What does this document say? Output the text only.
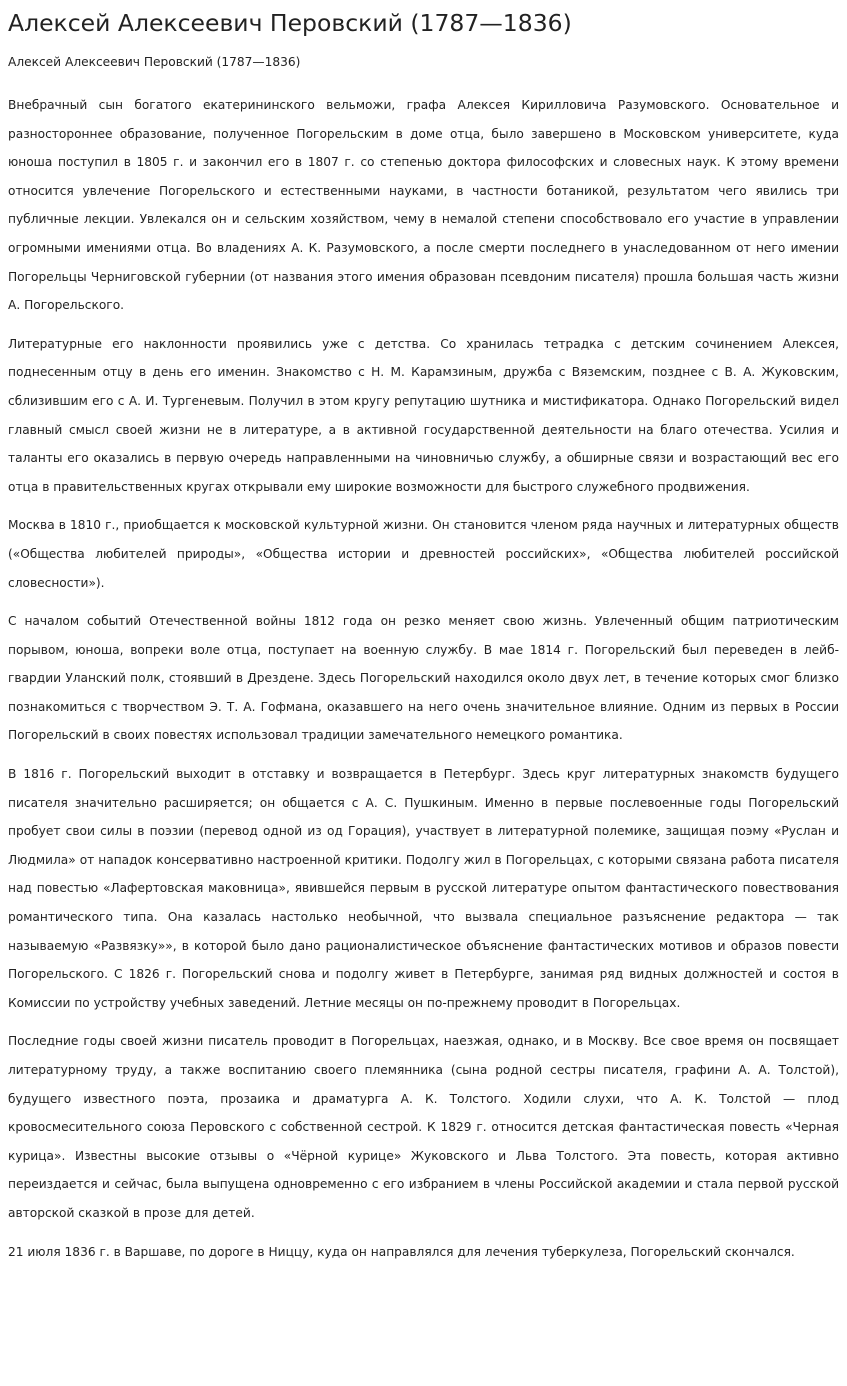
Алексей Алексеевич Перовский (1787—1836)
Алексей Алексеевич Перовский (1787—1836)

Внебрачный сын богатого екатерининского вельможи, графа Алексея Кирилловича Разумовского. Основательное и разностороннее образование, полученное Погорельским в доме отца, было завершено в Московском университете, куда юноша поступил в 1805 г. и закончил его в 1807 г. со степенью доктора философских и словесных наук. К этому времени относится увлечение Погорельского и естественными науками, в частности ботаникой, результатом чего явились три публичные лекции. Увлекался он и сельским хозяйством, чему в немалой степени способствовало его участие в управлении огромными имениями отца. Во владениях А. К. Разумовского, а после смерти последнего в унаследованном от него имении Погорельцы Черниговской губернии (от названия этого имения образован псевдоним писателя) прошла большая часть жизни А. Погорельского.

Литературные его наклонности проявились уже с детства. Со хранилась тетрадка с детским сочинением Алексея, поднесенным отцу в день его именин. Знакомство с Н. М. Карамзиным, дружба с Вяземским, позднее с В. А. Жуковским, сблизившим его с А. И. Тургеневым. Получил в этом кругу репутацию шутника и мистификатора. Однако Погорельский видел главный смысл своей жизни не в литературе, а в активной государственной деятельности на благо отечества. Усилия и таланты его оказались в первую очередь направленными на чиновничью службу, а обширные связи и возрастающий вес его отца в правительственных кругах открывали ему широкие возможности для быстрого служебного продвижения.

Москва в 1810 г., приобщается к московской культурной жизни. Он становится членом ряда научных и литературных обществ («Общества любителей природы», «Общества истории и древностей российских», «Общества любителей российской словесности»).

С началом событий Отечественной войны 1812 года он резко меняет свою жизнь. Увлеченный общим патриотическим порывом, юноша, вопреки воле отца, поступает на военную службу. В мае 1814 г. Погорельский был переведен в лейб-гвардии Уланский полк, стоявший в Дрездене. Здесь Погорельский находился около двух лет, в течение которых смог близко познакомиться с творчеством Э. Т. А. Гофмана, оказавшего на него очень значительное влияние. Одним из первых в России Погорельский в своих повестях использовал традиции замечательного немецкого романтика.

В 1816 г. Погорельский выходит в отставку и возвращается в Петербург. Здесь круг литературных знакомств будущего писателя значительно расширяется; он общается с А. С. Пушкиным. Именно в первые послевоенные годы Погорельский пробует свои силы в поэзии (перевод одной из од Горация), участвует в литературной полемике, защищая поэму «Руслан и Людмила» от нападок консервативно настроенной критики. Подолгу жил в Погорельцах, с которыми связана работа писателя над повестью «Лафертовская маковница», явившейся первым в русской литературе опытом фантастического повествования романтического типа. Она казалась настолько необычной, что вызвала специальное разъяснение редактора — так называемую «Развязку»», в которой было дано рационалистическое объяснение фантастических мотивов и образов повести Погорельского. С 1826 г. Погорельский снова и подолгу живет в Петербурге, занимая ряд видных должностей и состоя в Комиссии по устройству учебных заведений. Летние месяцы он по-прежнему проводит в Погорельцах.

Последние годы своей жизни писатель проводит в Погорельцах, наезжая, однако, и в Москву. Все свое время он посвящает литературному труду, а также воспитанию своего племянника (сына родной сестры писателя, графини А. А. Толстой), будущего известного поэта, прозаика и драматурга А. К. Толстого. Ходили слухи, что А. К. Толстой — плод кровосмесительного союза Перовского с собственной сестрой. К 1829 г. относится детская фантастическая повесть «Черная курица». Известны высокие отзывы о «Чёрной курице» Жуковского и Льва Толстого. Эта повесть, которая активно переиздается и сейчас, была выпущена одновременно с его избранием в члены Российской академии и стала первой русской авторской сказкой в прозе для детей.

21 июля 1836 г. в Варшаве, по дороге в Ниццу, куда он направлялся для лечения туберкулеза, Погорельский скончался.
